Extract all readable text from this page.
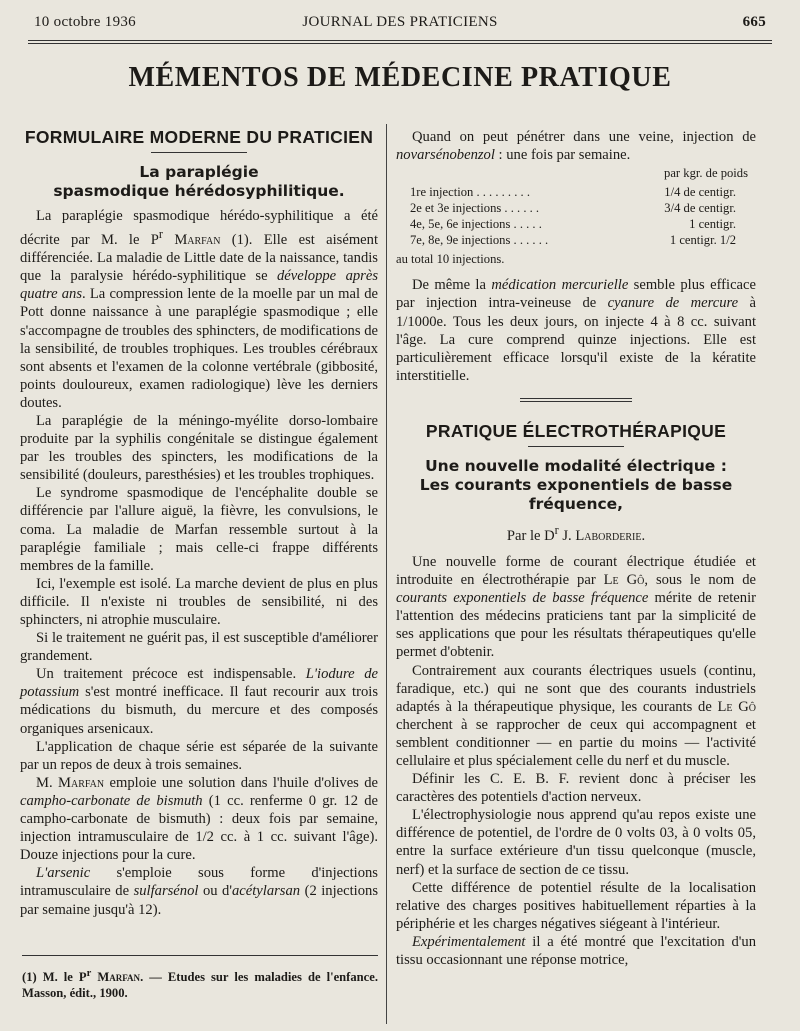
10 octobre 1936	JOURNAL DES PRATICIENS	665
MÉMENTOS DE MÉDECINE PRATIQUE
FORMULAIRE MODERNE DU PRATICIEN
La paraplégie
spasmodique hérédosyphilitique.

La paraplégie spasmodique hérédo-syphilitique a été décrite par M. le $P^r$ Marfan (1). Elle est aisément différenciée. La maladie de Little date de la naissance, tandis que la paralysie hérédo-syphilitique se développe après quatre ans. La compression lente de la moelle par un mal de Pott donne naissance à une paraplégie spasmodique ; elle s'accompagne de troubles des sphincters, de modifications de la sensibilité, de troubles trophiques. Les troubles cérébraux sont absents et l'examen de la colonne vertébrale (gibbosité, points douloureux, examen radiologique) lève les derniers doutes.

La paraplégie de la méningo-myélite dorso-lombaire produite par la syphilis congénitale se distingue également par les troubles des spincters, les modifications de la sensibilité (douleurs, paresthésies) et les troubles trophiques.

Le syndrome spasmodique de l'encéphalite double se différencie par l'allure aiguë, la fièvre, les convulsions, le coma. La maladie de Marfan ressemble surtout à la paraplégie familiale ; mais celle-ci frappe différents membres de la famille.

Ici, l'exemple est isolé. La marche devient de plus en plus difficile. Il n'existe ni troubles de sensibilité, ni des sphincters, ni atrophie musculaire.

Si le traitement ne guérit pas, il est susceptible d'améliorer grandement.

Un traitement précoce est indispensable. L'iodure de potassium s'est montré inefficace. Il faut recourir aux trois médications du bismuth, du mercure et des composés organiques arsenicaux.

L'application de chaque série est séparée de la suivante par un repos de deux à trois semaines.

M. Marfan emploie une solution dans l'huile d'olives de campho-carbonate de bismuth (1 cc. renferme 0 gr. 12 de campho-carbonate de bismuth) : deux fois par semaine, injection intramusculaire de 1/2 cc. à 1 cc. suivant l'âge). Douze injections pour la cure.

L'arsenic s'emploie sous forme d'injections intramusculaire de sulfarsénol ou d'acétylarsan (2 injections par semaine jusqu'à 12).

(1) M. le $P^r$ Marfan. — Etudes sur les maladies de l'enfance. Masson, édit., 1900.

Quand on peut pénétrer dans une veine, injection de novarsénobenzol : une fois par semaine.

par kgr. de poids
1re injection . . . . . . . . .	1/4 de centigr.
2e et 3e injections . . . . . .	3/4 de centigr.
4e, 5e, 6e injections . . . . .	1 centigr.
7e, 8e, 9e injections . . . . . .	1 centigr. 1/2
au total 10 injections.

De même la médication mercurielle semble plus efficace par injection intra-veineuse de cyanure de mercure à 1/1000e. Tous les deux jours, on injecte 4 à 8 cc. suivant l'âge. La cure comprend quinze injections. Elle est particulièrement efficace lorsqu'il existe de la kératite interstitielle.

PRATIQUE ÉLECTROTHÉRAPIQUE
Une nouvelle modalité électrique :
Les courants exponentiels de basse fréquence,
Par le $D^r$ J. Laborderie.

Une nouvelle forme de courant électrique étudiée et introduite en électrothérapie par Le Gô, sous le nom de courants exponentiels de basse fréquence mérite de retenir l'attention des médecins praticiens tant par la simplicité de ses applications que pour les résultats thérapeutiques qu'elle permet d'obtenir.

Contrairement aux courants électriques usuels (continu, faradique, etc.) qui ne sont que des courants industriels adaptés à la thérapeutique physique, les courants de Le Gô cherchent à se rapprocher de ceux qui accompagnent et semblent conditionner — en partie du moins — l'activité cellulaire et plus spécialement celle du nerf et du muscle.

Définir les C. E. B. F. revient donc à préciser les caractères des potentiels d'action nerveux.

L'électrophysiologie nous apprend qu'au repos existe une différence de potentiel, de l'ordre de 0 volts 03, à 0 volts 05, entre la surface extérieure d'un tissu quelconque (muscle, nerf) et la surface de section de ce tissu.

Cette différence de potentiel résulte de la localisation relative des charges positives habituellement réparties à la périphérie et les charges négatives siégeant à l'intérieur.

Expérimentalement il a été montré que l'excitation d'un tissu occasionnant une réponse motrice,
